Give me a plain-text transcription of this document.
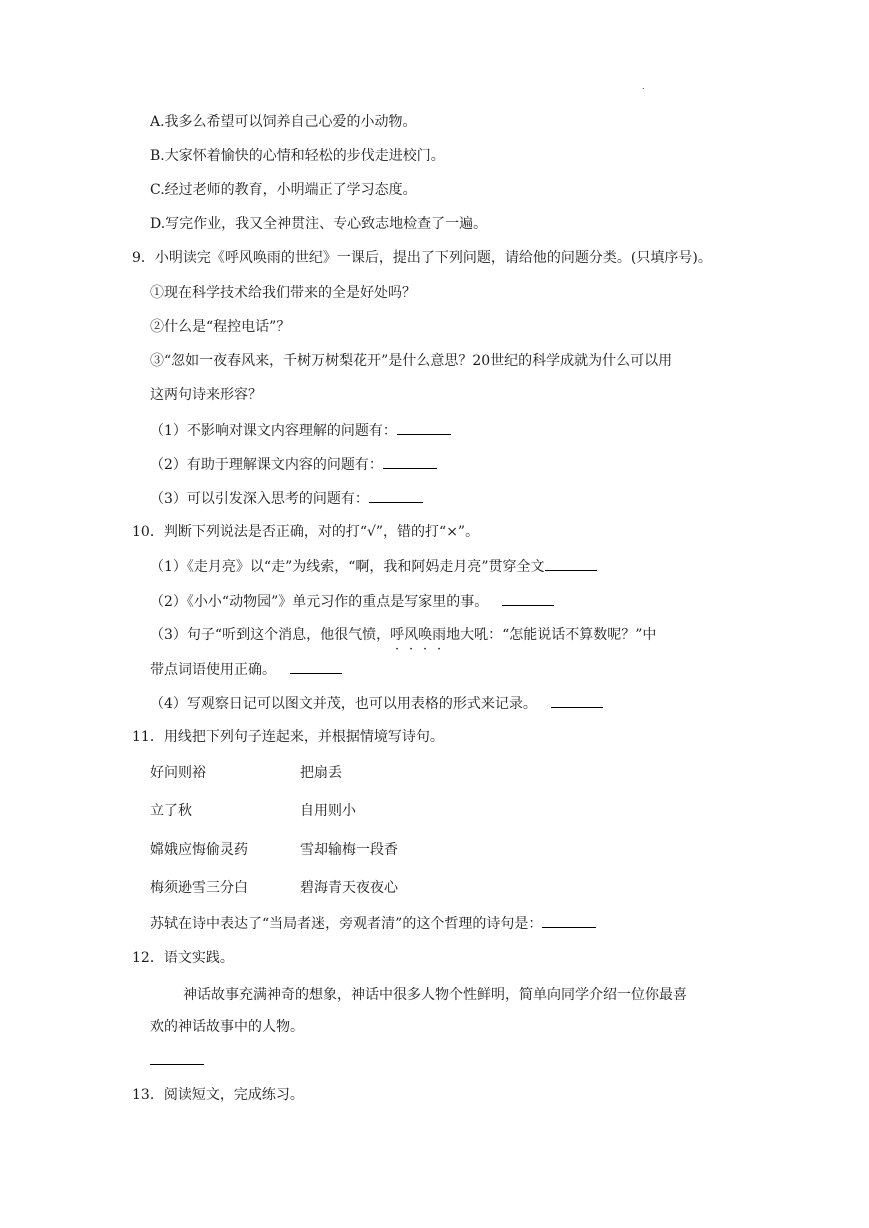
.
A.我多么希望可以饲养自己心爱的小动物。
B.大家怀着愉快的心情和轻松的步伐走进校门。
C.经过老师的教育，小明端正了学习态度。
D.写完作业，我又全神贯注、专心致志地检查了一遍。
9．小明读完《呼风唤雨的世纪》一课后，提出了下列问题，请给他的问题分类。(只填序号)。
①现在科学技术给我们带来的全是好处吗？
②什么是“程控电话”？
③“忽如一夜春风来，千树万树梨花开”是什么意思？20世纪的科学成就为什么可以用
这两句诗来形容？
（1）不影响对课文内容理解的问题有：
（2）有助于理解课文内容的问题有：
（3）可以引发深入思考的问题有：
10．判断下列说法是否正确，对的打“√”，错的打“×”。
（1）《走月亮》以“走”为线索，“啊，我和阿妈走月亮”贯穿全文
（2）《小小“动物园”》单元习作的重点是写家里的事。
（3）句子“听到这个消息，他很气愤，呼风唤雨地大吼：“怎能说话不算数呢？”中
带点词语使用正确。
（4）写观察日记可以图文并茂，也可以用表格的形式来记录。
11．用线把下列句子连起来，并根据情境写诗句。
好问则裕	把扇丢
立了秋	自用则小
嫦娥应悔偷灵药	雪却输梅一段香
梅须逊雪三分白	碧海青天夜夜心
苏轼在诗中表达了“当局者迷，旁观者清”的这个哲理的诗句是：
12．语文实践。
神话故事充满神奇的想象，神话中很多人物个性鲜明，简单向同学介绍一位你最喜
欢的神话故事中的人物。
13．阅读短文，完成练习。
